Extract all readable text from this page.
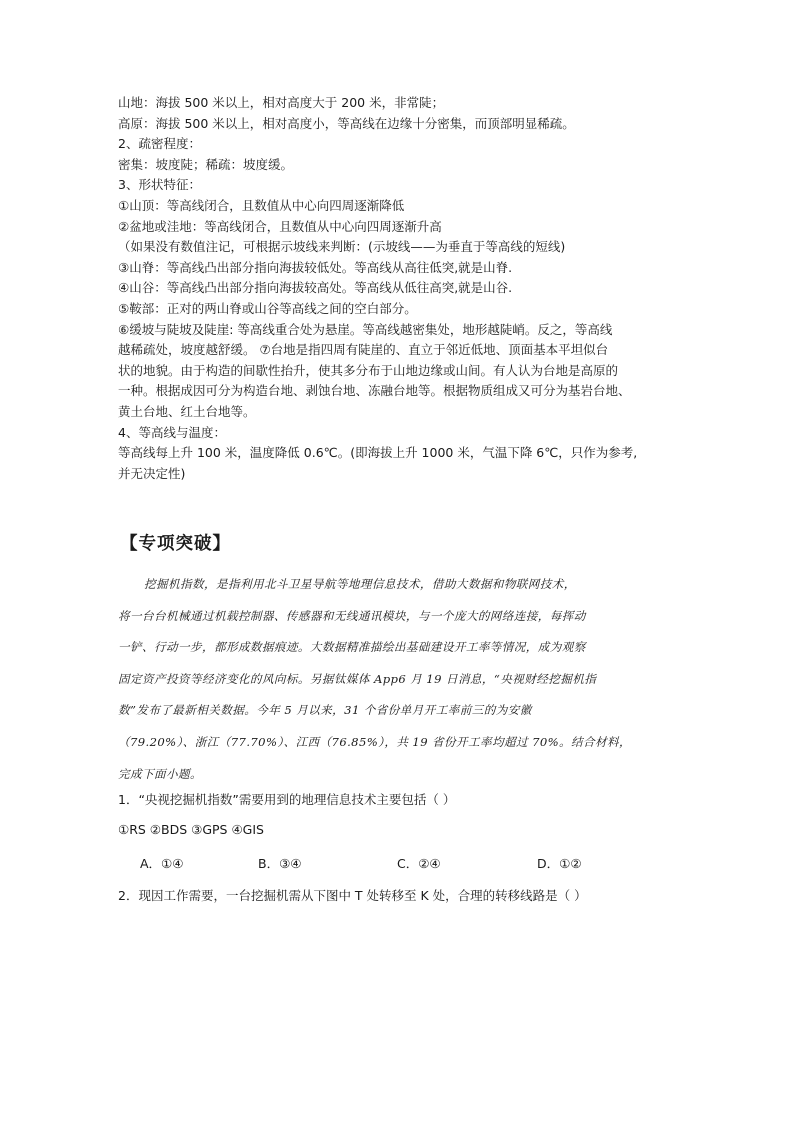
山地：海拔 500 米以上，相对高度大于 200 米，非常陡；
高原：海拔 500 米以上，相对高度小，等高线在边缘十分密集，而顶部明显稀疏。
2、疏密程度：
密集：坡度陡；稀疏：坡度缓。
3、形状特征：
①山顶：等高线闭合，且数值从中心向四周逐渐降低
②盆地或洼地：等高线闭合，且数值从中心向四周逐渐升高
（如果没有数值注记，可根据示坡线来判断：(示坡线——为垂直于等高线的短线)
③山脊：等高线凸出部分指向海拔较低处。等高线从高往低突,就是山脊.
④山谷：等高线凸出部分指向海拔较高处。等高线从低往高突,就是山谷.
⑤鞍部：正对的两山脊或山谷等高线之间的空白部分。
⑥缓坡与陡坡及陡崖: 等高线重合处为悬崖。等高线越密集处，地形越陡峭。反之，等高线
越稀疏处，坡度越舒缓。 ⑦台地是指四周有陡崖的、直立于邻近低地、顶面基本平坦似台
状的地貌。由于构造的间歇性抬升，使其多分布于山地边缘或山间。有人认为台地是高原的
一种。根据成因可分为构造台地、剥蚀台地、冻融台地等。根据物质组成又可分为基岩台地、
黄土台地、红土台地等。
4、等高线与温度：
等高线每上升 100 米，温度降低 0.6℃。(即海拔上升 1000 米，气温下降 6℃，只作为参考,
并无决定性)
【专项突破】
挖掘机指数，是指利用北斗卫星导航等地理信息技术，借助大数据和物联网技术，
将一台台机械通过机载控制器、传感器和无线通讯模块，与一个庞大的网络连接，每挥动
一铲、行动一步，都形成数据痕迹。大数据精准描绘出基础建设开工率等情况，成为观察
固定资产投资等经济变化的风向标。另据钛媒体 App6 月 19 日消息，“央视财经挖掘机指
数”发布了最新相关数据。今年 5 月以来，31 个省份单月开工率前三的为安徽
（79.20%）、浙江（77.70%）、江西（76.85%），共 19 省份开工率均超过 70%。结合材料，
完成下面小题。
1．“央视挖掘机指数”需要用到的地理信息技术主要包括（ ）
①RS ②BDS ③GPS ④GIS
A．①④	B．③④	C．②④	D．①②
2．现因工作需要，一台挖掘机需从下图中 T 处转移至 K 处，合理的转移线路是（ ）
